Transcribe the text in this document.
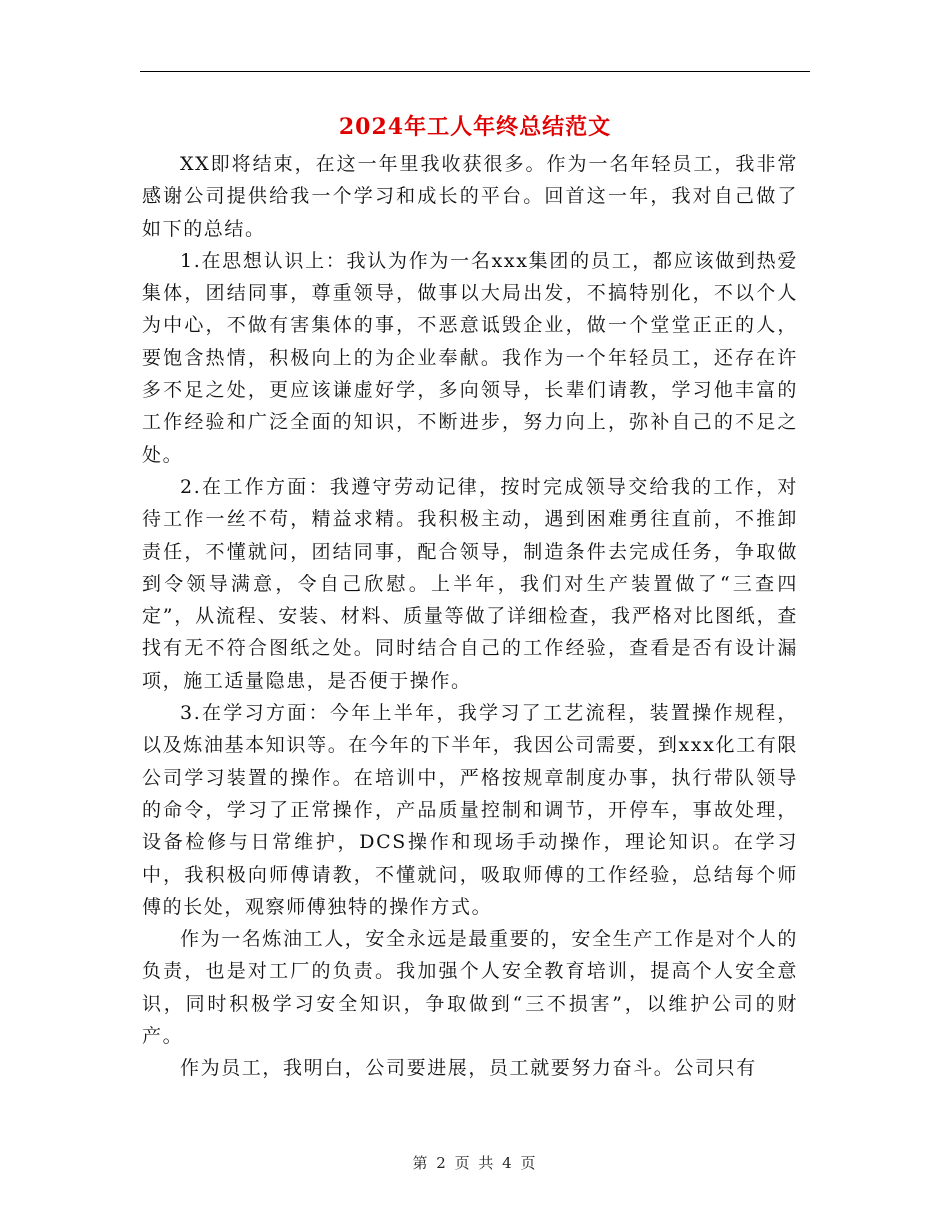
2024年工人年终总结范文

XX即将结束，在这一年里我收获很多。作为一名年轻员工，我非常感谢公司提供给我一个学习和成长的平台。回首这一年，我对自己做了如下的总结。

1.在思想认识上：我认为作为一名xxx集团的员工，都应该做到热爱集体，团结同事，尊重领导，做事以大局出发，不搞特别化，不以个人为中心，不做有害集体的事，不恶意诋毁企业，做一个堂堂正正的人，要饱含热情，积极向上的为企业奉献。我作为一个年轻员工，还存在许多不足之处，更应该谦虚好学，多向领导，长辈们请教，学习他丰富的工作经验和广泛全面的知识，不断进步，努力向上，弥补自己的不足之处。

2.在工作方面：我遵守劳动记律，按时完成领导交给我的工作，对待工作一丝不苟，精益求精。我积极主动，遇到困难勇往直前，不推卸责任，不懂就问，团结同事，配合领导，制造条件去完成任务，争取做到令领导满意，令自己欣慰。上半年，我们对生产装置做了“三查四定”，从流程、安装、材料、质量等做了详细检查，我严格对比图纸，查找有无不符合图纸之处。同时结合自己的工作经验，查看是否有设计漏项，施工适量隐患，是否便于操作。

3.在学习方面：今年上半年，我学习了工艺流程，装置操作规程，以及炼油基本知识等。在今年的下半年，我因公司需要，到xxx化工有限公司学习装置的操作。在培训中，严格按规章制度办事，执行带队领导的命令，学习了正常操作，产品质量控制和调节，开停车，事故处理，设备检修与日常维护，DCS操作和现场手动操作，理论知识。在学习中，我积极向师傅请教，不懂就问，吸取师傅的工作经验，总结每个师傅的长处，观察师傅独特的操作方式。

作为一名炼油工人，安全永远是最重要的，安全生产工作是对个人的负责，也是对工厂的负责。我加强个人安全教育培训，提高个人安全意识，同时积极学习安全知识，争取做到“三不损害”，以维护公司的财产。

作为员工，我明白，公司要进展，员工就要努力奋斗。公司只有

第 2 页 共 4 页
